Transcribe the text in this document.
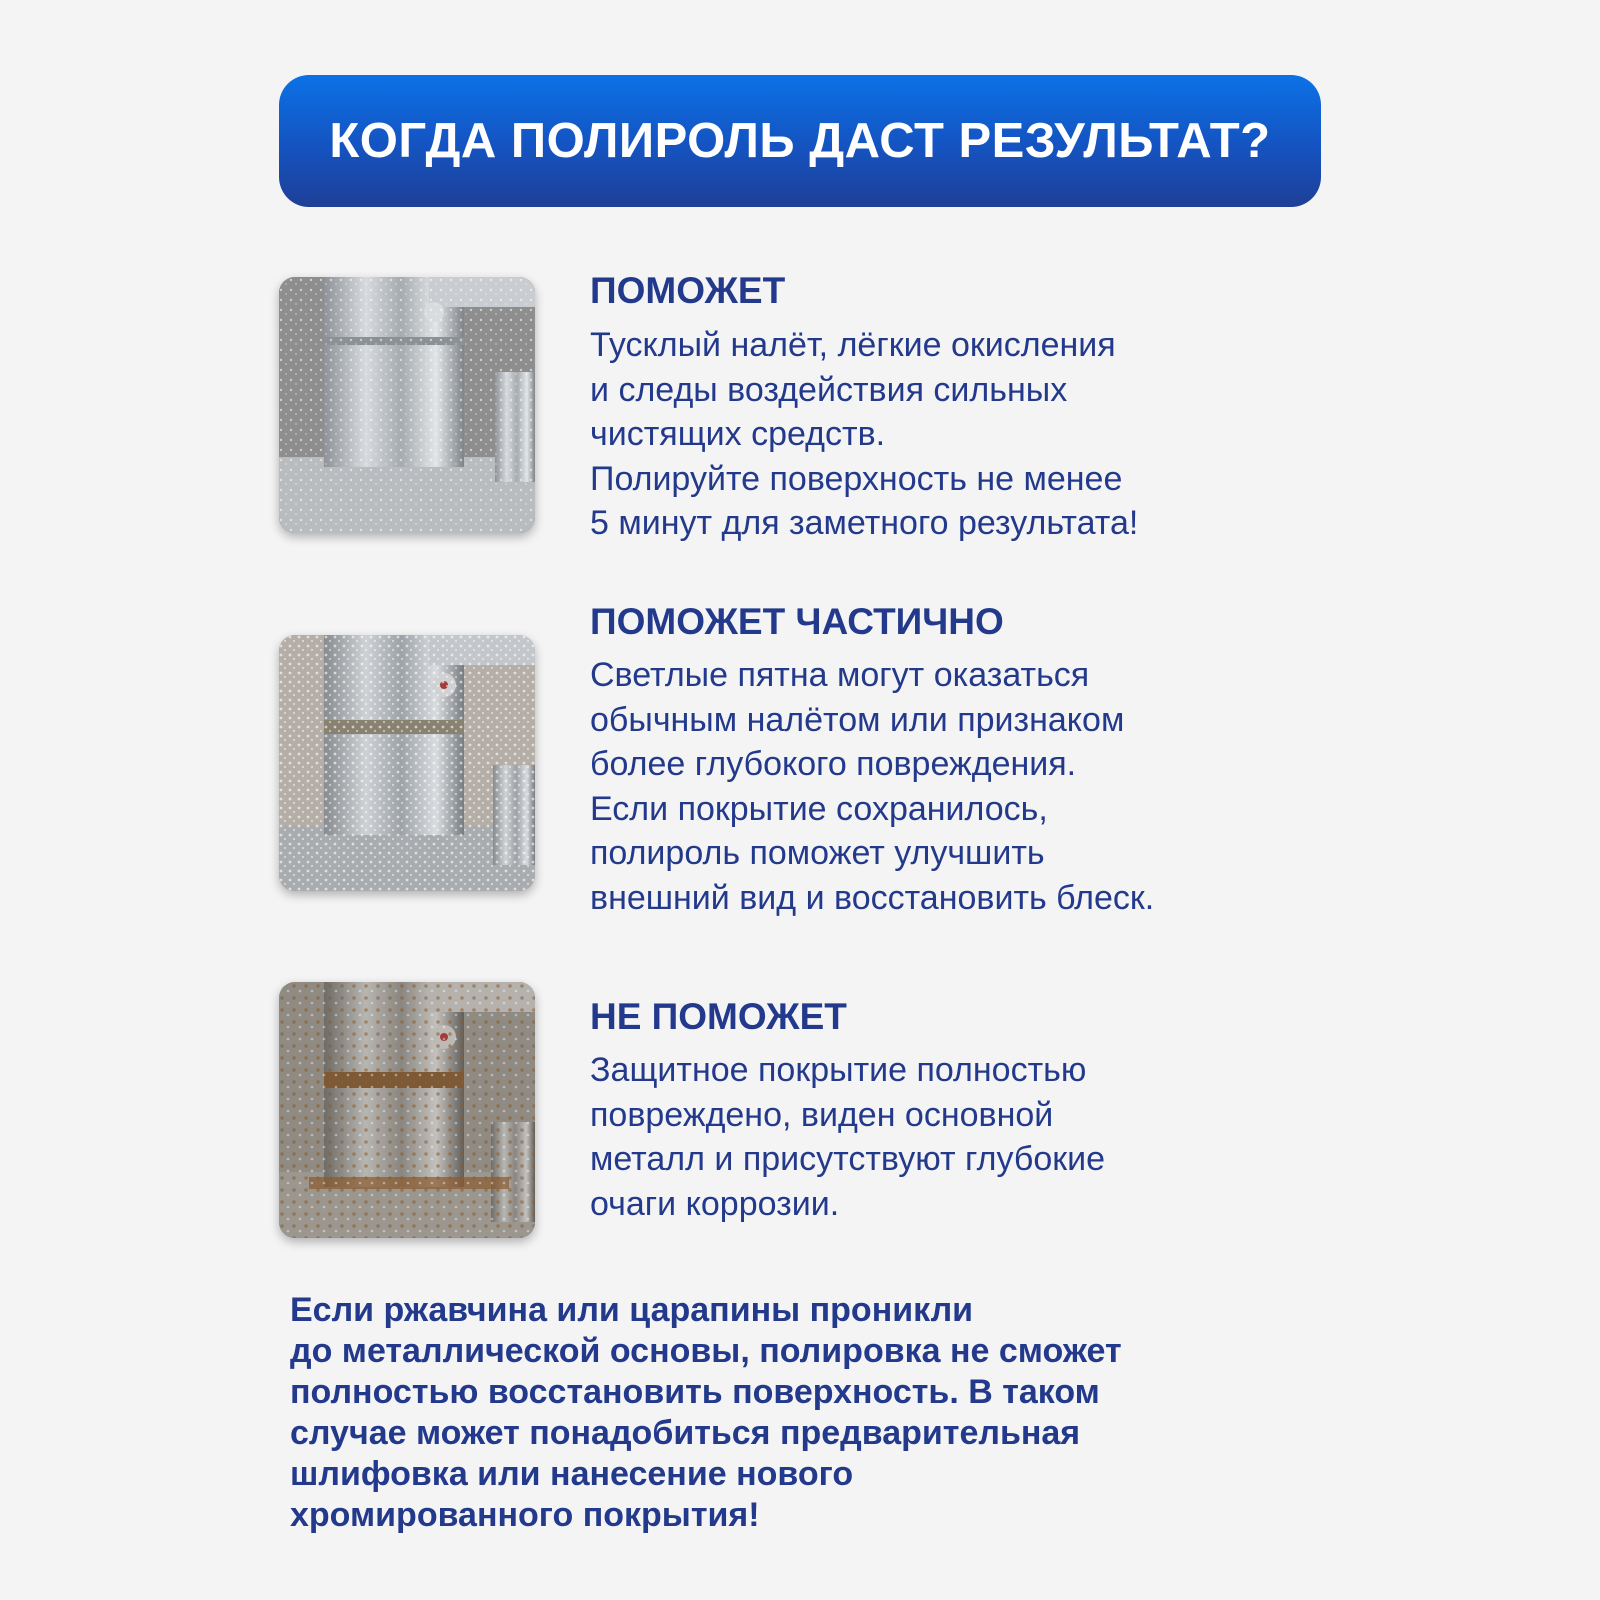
КОГДА ПОЛИРОЛЬ ДАСТ РЕЗУЛЬТАТ?
ПОМОЖЕТ

Тусклый налёт, лёгкие окисления
и следы воздействия сильных
чистящих средств.
Полируйте поверхность не менее
5 минут для заметного результата!

ПОМОЖЕТ ЧАСТИЧНО

Светлые пятна могут оказаться
обычным налётом или признаком
более глубокого повреждения.
Если покрытие сохранилось,
полироль поможет улучшить
внешний вид и восстановить блеск.

НЕ ПОМОЖЕТ

Защитное покрытие полностью
повреждено, виден основной
металл и присутствуют глубокие
очаги коррозии.

Если ржавчина или царапины проникли
до металлической основы, полировка не сможет
полностью восстановить поверхность. В таком
случае может понадобиться предварительная
шлифовка или нанесение нового
хромированного покрытия!
